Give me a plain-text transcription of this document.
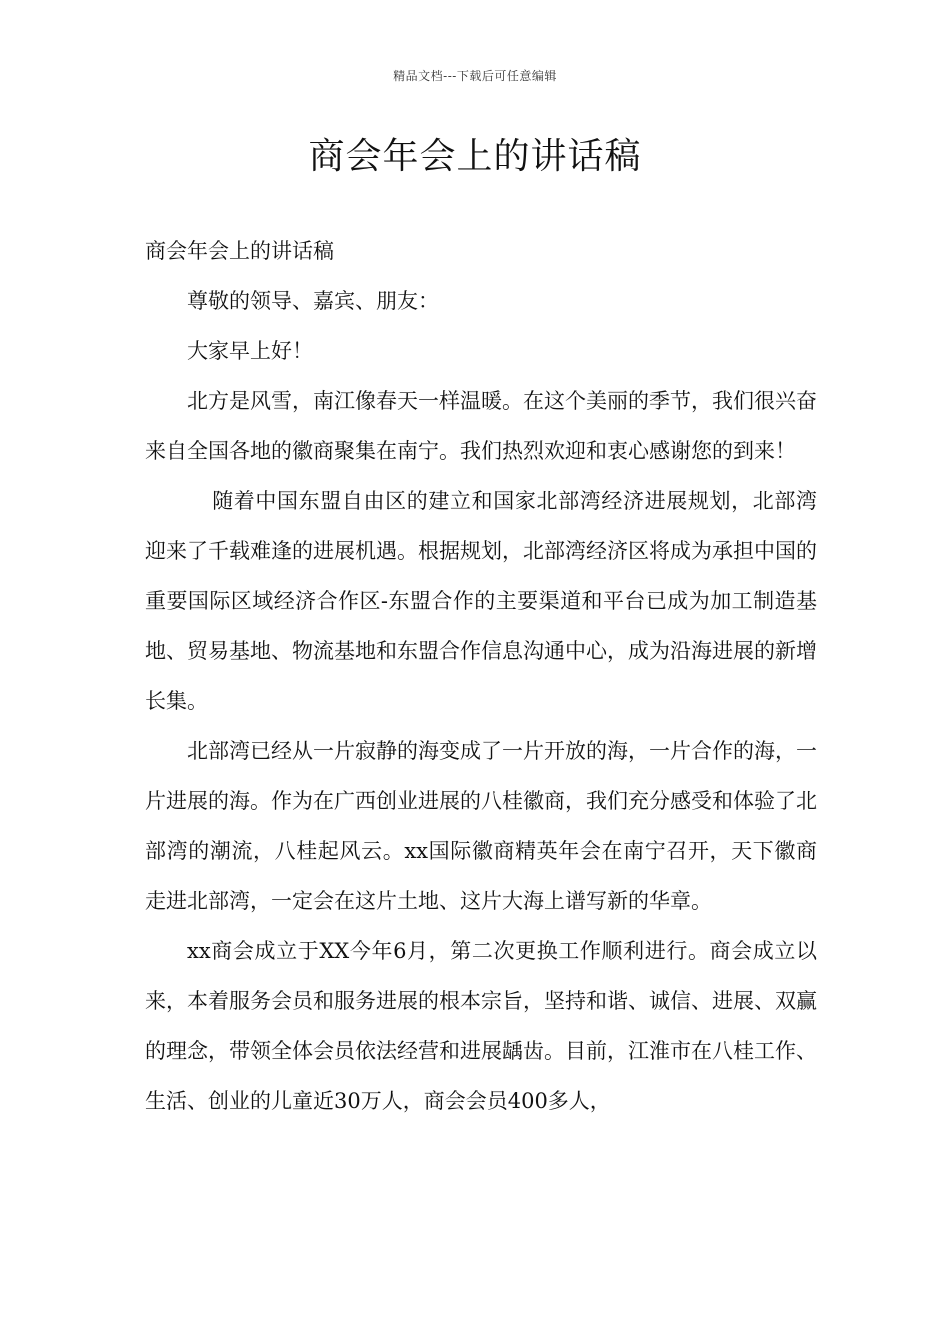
精品文档---下载后可任意编辑
商会年会上的讲话稿

商会年会上的讲话稿

尊敬的领导、嘉宾、朋友：

大家早上好！

北方是风雪，南江像春天一样温暖。在这个美丽的季节，我们很兴奋来自全国各地的徽商聚集在南宁。我们热烈欢迎和衷心感谢您的到来！

随着中国东盟自由区的建立和国家北部湾经济进展规划，北部湾迎来了千载难逢的进展机遇。根据规划，北部湾经济区将成为承担中国的重要国际区域经济合作区-东盟合作的主要渠道和平台已成为加工制造基地、贸易基地、物流基地和东盟合作信息沟通中心，成为沿海进展的新增长集。

北部湾已经从一片寂静的海变成了一片开放的海，一片合作的海，一片进展的海。作为在广西创业进展的八桂徽商，我们充分感受和体验了北部湾的潮流，八桂起风云。xx国际徽商精英年会在南宁召开，天下徽商走进北部湾，一定会在这片土地、这片大海上谱写新的华章。

xx商会成立于XX今年6月，第二次更换工作顺利进行。商会成立以来，本着服务会员和服务进展的根本宗旨，坚持和谐、诚信、进展、双赢的理念，带领全体会员依法经营和进展龋齿。目前，江淮市在八桂工作、生活、创业的儿童近30万人，商会会员400多人，
